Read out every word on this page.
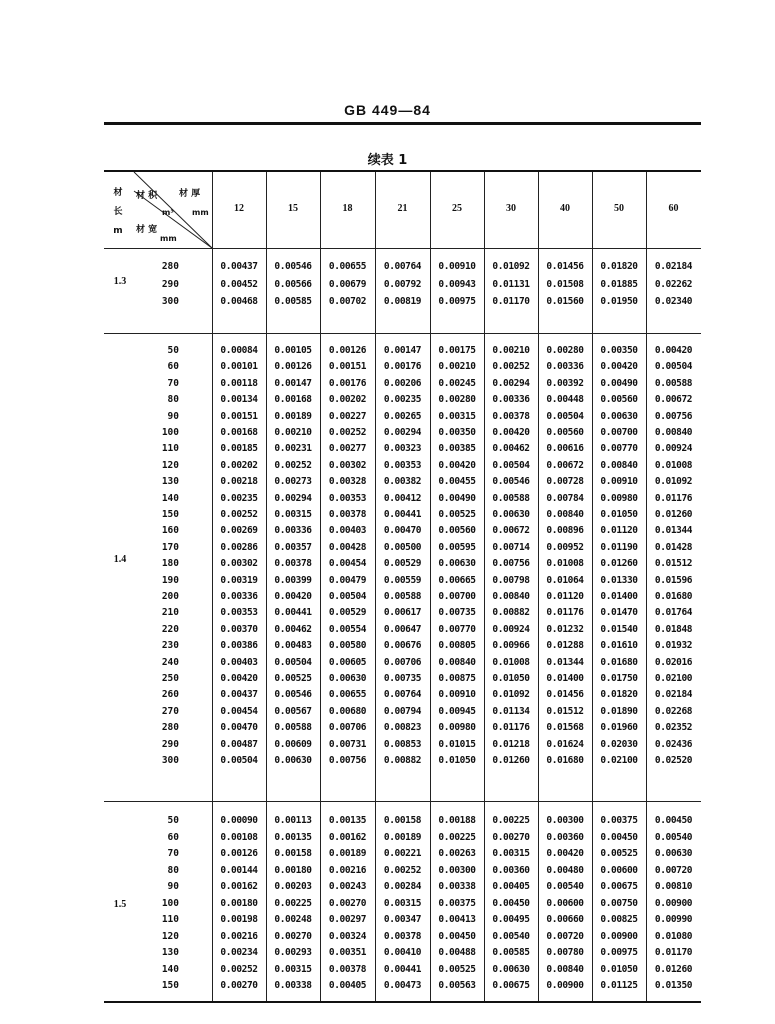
GB 449—84
续表 1
材
长
m
材 积
m³
材 厚
mm
材 宽
mm
12	15	18	21	25	30	40	50	60
1.3
280	0.00437	0.00546	0.00655	0.00764	0.00910	0.01092	0.01456	0.01820	0.02184
290	0.00452	0.00566	0.00679	0.00792	0.00943	0.01131	0.01508	0.01885	0.02262
300	0.00468	0.00585	0.00702	0.00819	0.00975	0.01170	0.01560	0.01950	0.02340
1.4
50	0.00084	0.00105	0.00126	0.00147	0.00175	0.00210	0.00280	0.00350	0.00420
60	0.00101	0.00126	0.00151	0.00176	0.00210	0.00252	0.00336	0.00420	0.00504
70	0.00118	0.00147	0.00176	0.00206	0.00245	0.00294	0.00392	0.00490	0.00588
80	0.00134	0.00168	0.00202	0.00235	0.00280	0.00336	0.00448	0.00560	0.00672
90	0.00151	0.00189	0.00227	0.00265	0.00315	0.00378	0.00504	0.00630	0.00756
100	0.00168	0.00210	0.00252	0.00294	0.00350	0.00420	0.00560	0.00700	0.00840
110	0.00185	0.00231	0.00277	0.00323	0.00385	0.00462	0.00616	0.00770	0.00924
120	0.00202	0.00252	0.00302	0.00353	0.00420	0.00504	0.00672	0.00840	0.01008
130	0.00218	0.00273	0.00328	0.00382	0.00455	0.00546	0.00728	0.00910	0.01092
140	0.00235	0.00294	0.00353	0.00412	0.00490	0.00588	0.00784	0.00980	0.01176
150	0.00252	0.00315	0.00378	0.00441	0.00525	0.00630	0.00840	0.01050	0.01260
160	0.00269	0.00336	0.00403	0.00470	0.00560	0.00672	0.00896	0.01120	0.01344
170	0.00286	0.00357	0.00428	0.00500	0.00595	0.00714	0.00952	0.01190	0.01428
180	0.00302	0.00378	0.00454	0.00529	0.00630	0.00756	0.01008	0.01260	0.01512
190	0.00319	0.00399	0.00479	0.00559	0.00665	0.00798	0.01064	0.01330	0.01596
200	0.00336	0.00420	0.00504	0.00588	0.00700	0.00840	0.01120	0.01400	0.01680
210	0.00353	0.00441	0.00529	0.00617	0.00735	0.00882	0.01176	0.01470	0.01764
220	0.00370	0.00462	0.00554	0.00647	0.00770	0.00924	0.01232	0.01540	0.01848
230	0.00386	0.00483	0.00580	0.00676	0.00805	0.00966	0.01288	0.01610	0.01932
240	0.00403	0.00504	0.00605	0.00706	0.00840	0.01008	0.01344	0.01680	0.02016
250	0.00420	0.00525	0.00630	0.00735	0.00875	0.01050	0.01400	0.01750	0.02100
260	0.00437	0.00546	0.00655	0.00764	0.00910	0.01092	0.01456	0.01820	0.02184
270	0.00454	0.00567	0.00680	0.00794	0.00945	0.01134	0.01512	0.01890	0.02268
280	0.00470	0.00588	0.00706	0.00823	0.00980	0.01176	0.01568	0.01960	0.02352
290	0.00487	0.00609	0.00731	0.00853	0.01015	0.01218	0.01624	0.02030	0.02436
300	0.00504	0.00630	0.00756	0.00882	0.01050	0.01260	0.01680	0.02100	0.02520
1.5
50	0.00090	0.00113	0.00135	0.00158	0.00188	0.00225	0.00300	0.00375	0.00450
60	0.00108	0.00135	0.00162	0.00189	0.00225	0.00270	0.00360	0.00450	0.00540
70	0.00126	0.00158	0.00189	0.00221	0.00263	0.00315	0.00420	0.00525	0.00630
80	0.00144	0.00180	0.00216	0.00252	0.00300	0.00360	0.00480	0.00600	0.00720
90	0.00162	0.00203	0.00243	0.00284	0.00338	0.00405	0.00540	0.00675	0.00810
100	0.00180	0.00225	0.00270	0.00315	0.00375	0.00450	0.00600	0.00750	0.00900
110	0.00198	0.00248	0.00297	0.00347	0.00413	0.00495	0.00660	0.00825	0.00990
120	0.00216	0.00270	0.00324	0.00378	0.00450	0.00540	0.00720	0.00900	0.01080
130	0.00234	0.00293	0.00351	0.00410	0.00488	0.00585	0.00780	0.00975	0.01170
140	0.00252	0.00315	0.00378	0.00441	0.00525	0.00630	0.00840	0.01050	0.01260
150	0.00270	0.00338	0.00405	0.00473	0.00563	0.00675	0.00900	0.01125	0.01350
